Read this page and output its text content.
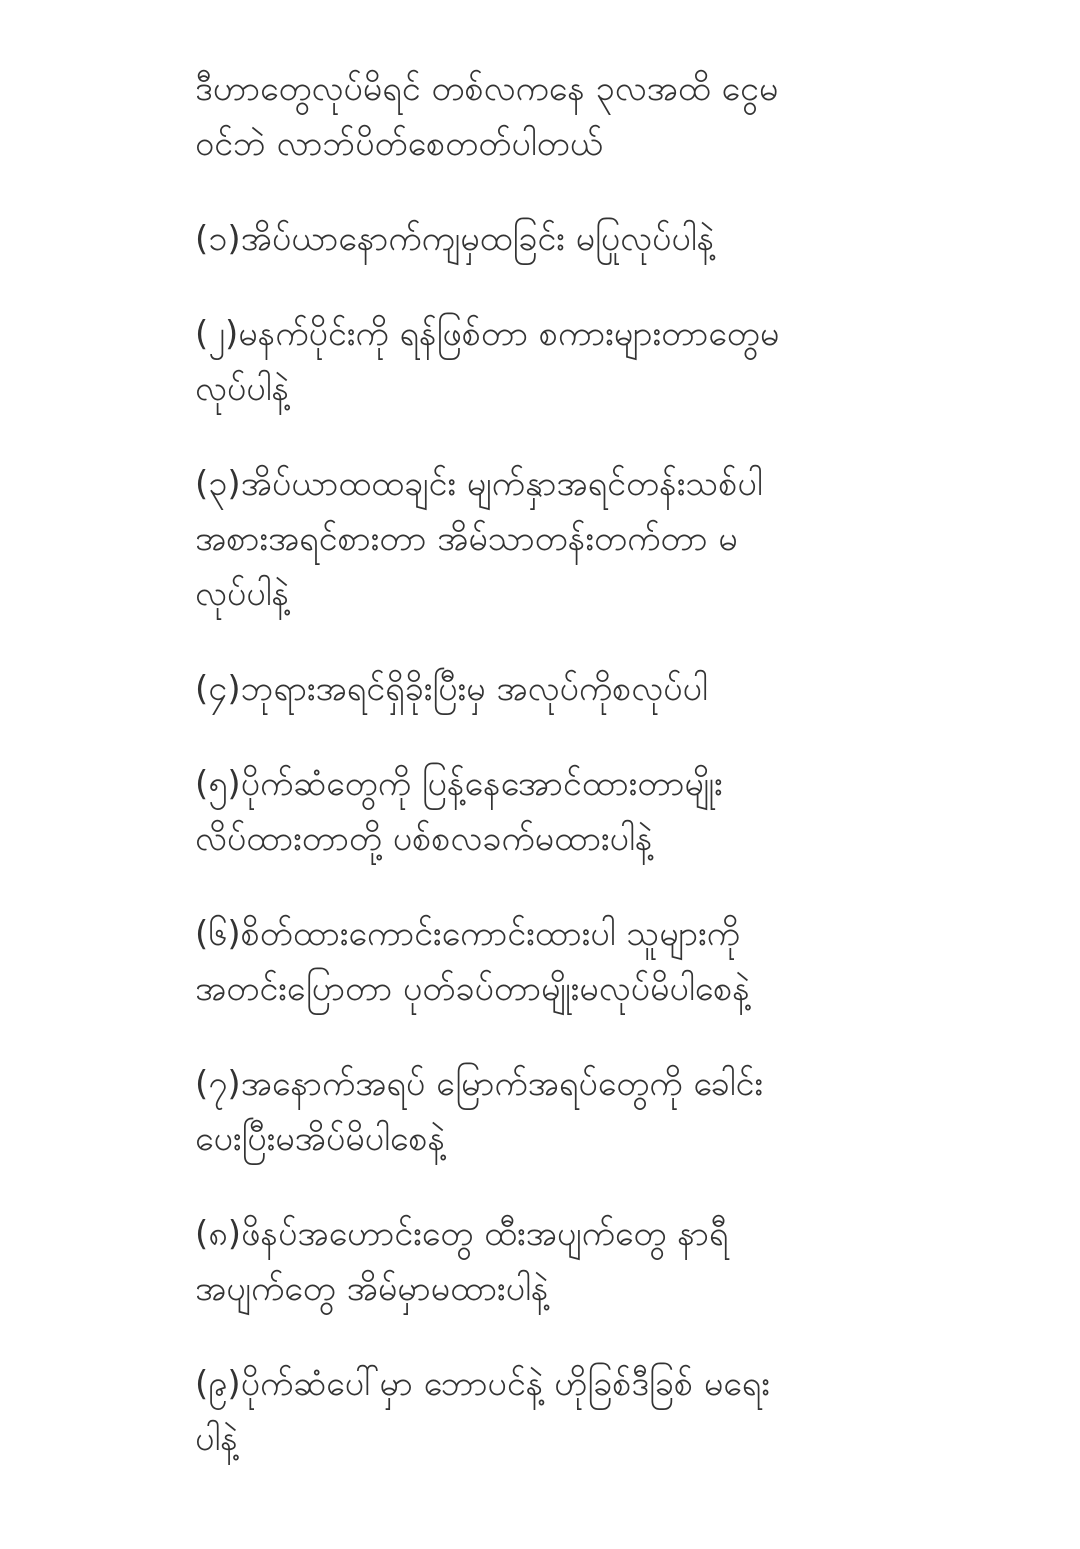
ဒီဟာတွေလုပ်မိရင် တစ်လကနေ ၃လအထိ ငွေမ
ဝင်ဘဲ လာဘ်ပိတ်စေတတ်ပါတယ်

(၁)အိပ်ယာနောက်ကျမှထခြင်း မပြုလုပ်ပါနဲ့

(၂)မနက်ပိုင်းကို ရန်ဖြစ်တာ စကားများတာတွေမ
လုပ်ပါနဲ့

(၃)အိပ်ယာထထချင်း မျက်နှာအရင်တန်းသစ်ပါ
အစားအရင်စားတာ အိမ်သာတန်းတက်တာ မ
လုပ်ပါနဲ့

(၄)ဘုရားအရင်ရှိခိုးပြီးမှ အလုပ်ကိုစလုပ်ပါ

(၅)ပိုက်ဆံတွေကို ပြန့်နေအောင်ထားတာမျိုး
လိပ်ထားတာတို့ ပစ်စလခက်မထားပါနဲ့

(၆)စိတ်ထားကောင်းကောင်းထားပါ သူများကို
အတင်းပြောတာ ပုတ်ခပ်တာမျိုးမလုပ်မိပါစေနဲ့

(၇)အနောက်အရပ် မြောက်အရပ်တွေကို ခေါင်း
ပေးပြီးမအိပ်မိပါစေနဲ့

(၈)ဖိနပ်အဟောင်းတွေ ထီးအပျက်တွေ နာရီ
အပျက်တွေ အိမ်မှာမထားပါနဲ့

(၉)ပိုက်ဆံပေါ်မှာ ဘောပင်နဲ့ ဟိုခြစ်ဒီခြစ် မရေး
ပါနဲ့
